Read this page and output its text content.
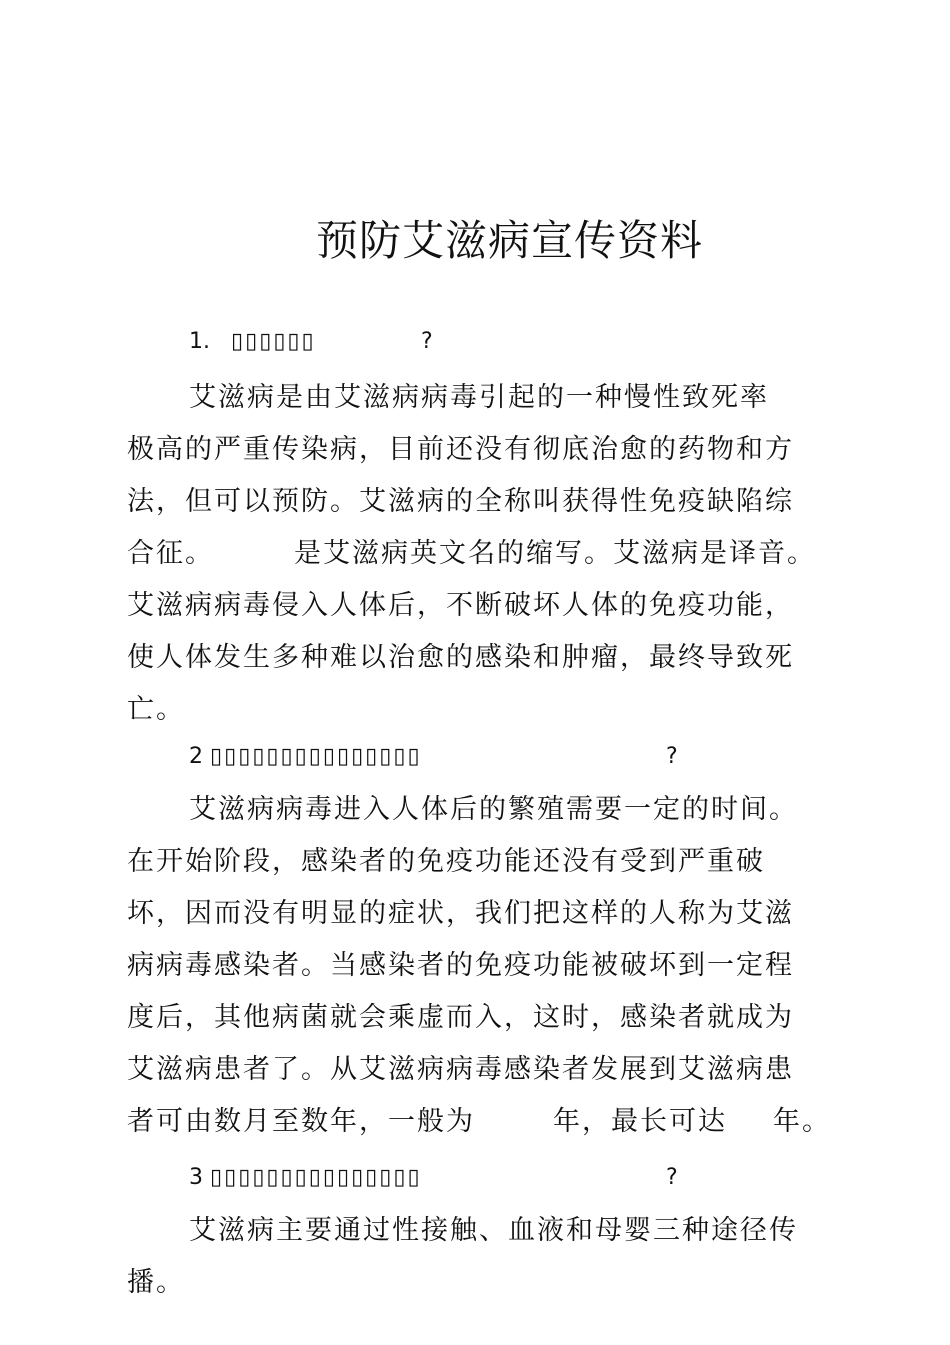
预防艾滋病宣传资料
1. ▯▯▯▯▯▯	?
艾滋病是由艾滋病病毒引起的一种慢性致死率
极高的严重传染病，目前还没有彻底治愈的药物和方
法，但可以预防。艾滋病的全称叫获得性免疫缺陷综
合征。	是艾滋病英文名的缩写。艾滋病是译音。
艾滋病病毒侵入人体后，不断破坏人体的免疫功能，
使人体发生多种难以治愈的感染和肿瘤，最终导致死
亡。
2 ▯▯▯▯▯▯▯▯▯▯▯▯▯▯▯	?
艾滋病病毒进入人体后的繁殖需要一定的时间。
在开始阶段，感染者的免疫功能还没有受到严重破
坏，因而没有明显的症状，我们把这样的人称为艾滋
病病毒感染者。当感染者的免疫功能被破坏到一定程
度后，其他病菌就会乘虚而入，这时，感染者就成为
艾滋病患者了。从艾滋病病毒感染者发展到艾滋病患
者可由数月至数年，一般为	年，最长可达 年。
3 ▯▯▯▯▯▯▯▯▯▯▯▯▯▯▯	?
艾滋病主要通过性接触、血液和母婴三种途径传
播。
